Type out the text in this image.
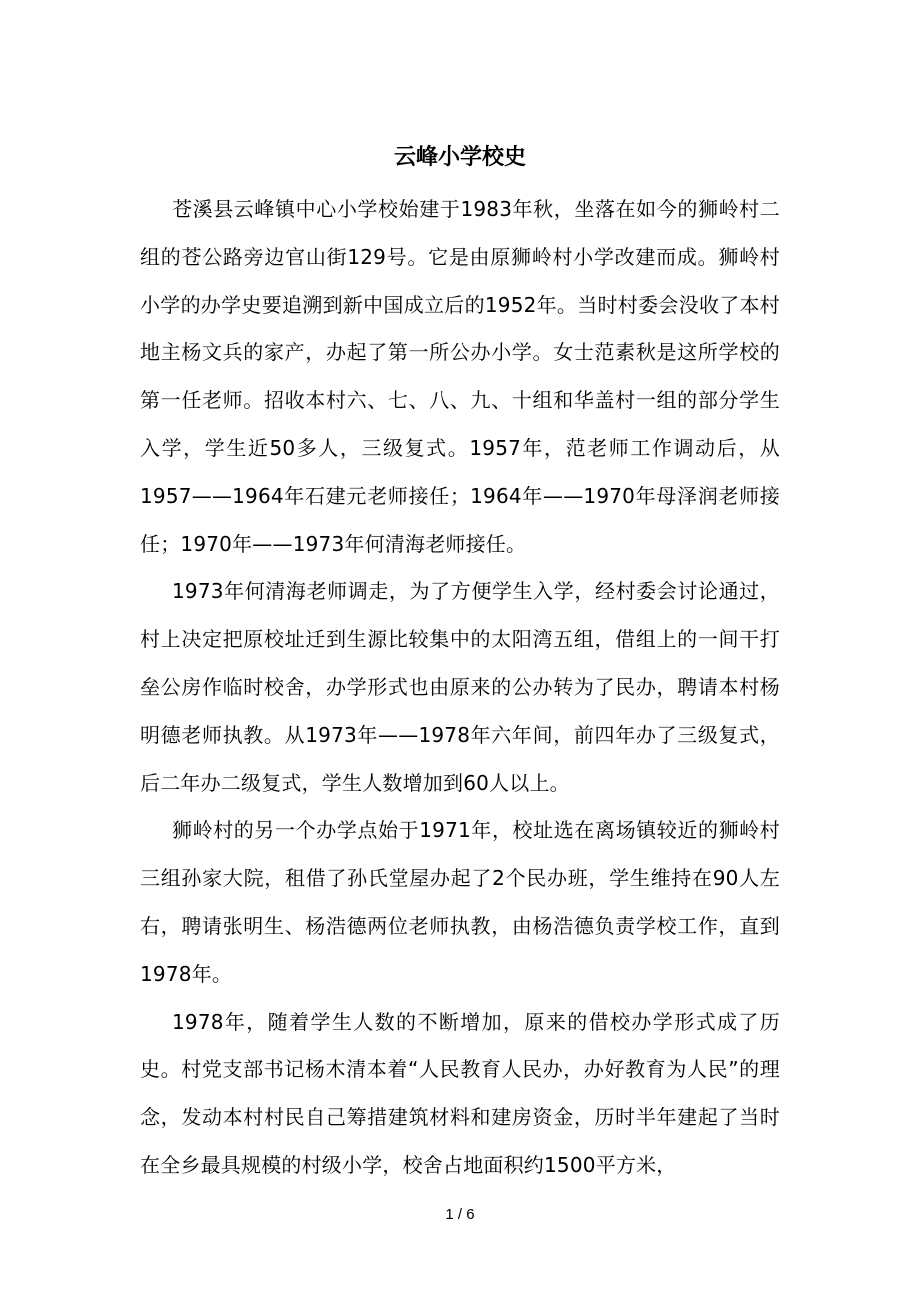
云峰小学校史

苍溪县云峰镇中心小学校始建于1983年秋，坐落在如今的狮岭村二组的苍公路旁边官山街129号。它是由原狮岭村小学改建而成。狮岭村小学的办学史要追溯到新中国成立后的1952年。当时村委会没收了本村地主杨文兵的家产，办起了第一所公办小学。女士范素秋是这所学校的第一任老师。招收本村六、七、八、九、十组和华盖村一组的部分学生入学，学生近50多人，三级复式。1957年，范老师工作调动后，从1957——1964年石建元老师接任；1964年——1970年母泽润老师接任；1970年——1973年何清海老师接任。

1973年何清海老师调走，为了方便学生入学，经村委会讨论通过，村上决定把原校址迁到生源比较集中的太阳湾五组，借组上的一间干打垒公房作临时校舍，办学形式也由原来的公办转为了民办，聘请本村杨明德老师执教。从1973年——1978年六年间，前四年办了三级复式，后二年办二级复式，学生人数增加到60人以上。

狮岭村的另一个办学点始于1971年，校址选在离场镇较近的狮岭村三组孙家大院，租借了孙氏堂屋办起了2个民办班，学生维持在90人左右，聘请张明生、杨浩德两位老师执教，由杨浩德负责学校工作，直到1978年。

1978年，随着学生人数的不断增加，原来的借校办学形式成了历史。村党支部书记杨木清本着“人民教育人民办，办好教育为人民”的理念，发动本村村民自己筹措建筑材料和建房资金，历时半年建起了当时在全乡最具规模的村级小学，校舍占地面积约1500平方米，

1 / 6
